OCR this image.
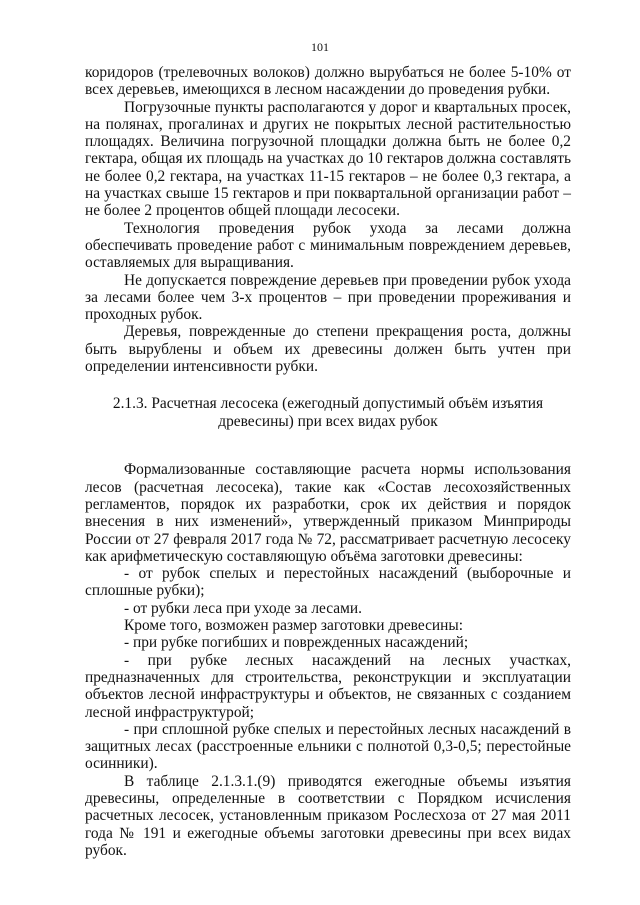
101

коридоров (трелевочных волоков) должно вырубаться не более 5-10% от всех деревьев, имеющихся в лесном насаждении до проведения рубки.

Погрузочные пункты располагаются у дорог и квартальных просек, на полянах, прогалинах и других не покрытых лесной растительностью площадях. Величина погрузочной площадки должна быть не более 0,2 гектара, общая их площадь на участках до 10 гектаров должна составлять не более 0,2 гектара, на участках 11-15 гектаров – не более 0,3 гектара, а на участках свыше 15 гектаров и при поквартальной организации работ – не более 2 процентов общей площади лесосеки.

Технология проведения рубок ухода за лесами должна обеспечивать проведение работ с минимальным повреждением деревьев, оставляемых для выращивания.

Не допускается повреждение деревьев при проведении рубок ухода за лесами более чем 3-х процентов – при проведении прореживания и проходных рубок.

Деревья, поврежденные до степени прекращения роста, должны быть вырублены и объем их древесины должен быть учтен при определении интенсивности рубки.

2.1.3. Расчетная лесосека (ежегодный допустимый объём изъятия
древесины) при всех видах рубок

Формализованные составляющие расчета нормы использования лесов (расчетная лесосека), такие как «Состав лесохозяйственных регламентов, порядок их разработки, срок их действия и порядок внесения в них изменений», утвержденный приказом Минприроды России от 27 февраля 2017 года № 72, рассматривает расчетную лесосеку как арифметическую составляющую объёма заготовки древесины:

- от рубок спелых и перестойных насаждений (выборочные и сплошные рубки);

- от рубки леса при уходе за лесами.

Кроме того, возможен размер заготовки древесины:

- при рубке погибших и поврежденных насаждений;

- при рубке лесных насаждений на лесных участках, предназначенных для строительства, реконструкции и эксплуатации объектов лесной инфраструктуры и объектов, не связанных с созданием лесной инфраструктурой;

- при сплошной рубке спелых и перестойных лесных насаждений в защитных лесах (расстроенные ельники с полнотой 0,3-0,5; перестойные осинники).

В таблице 2.1.3.1.(9) приводятся ежегодные объемы изъятия древесины, определенные в соответствии с Порядком исчисления расчетных лесосек, установленным приказом Рослесхоза от 27 мая 2011 года № 191 и ежегодные объемы заготовки древесины при всех видах рубок.
